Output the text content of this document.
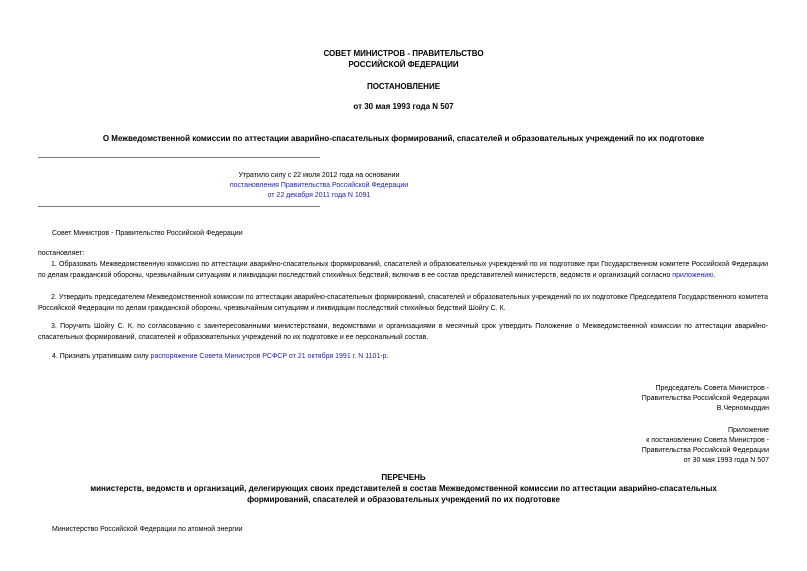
СОВЕТ МИНИСТРОВ - ПРАВИТЕЛЬСТВО
РОССИЙСКОЙ ФЕДЕРАЦИИ
ПОСТАНОВЛЕНИЕ
от 30 мая 1993 года N 507
О Межведомственной комиссии по аттестации аварийно-спасательных формирований, спасателей и образовательных учреждений по их подготовке
Утратило силу с 22 июля 2012 года на основании
постановления Правительства Российской Федерации
от 22 декабря 2011 года N 1091
Совет Министров - Правительство Российской Федерации
постановляет:
1. Образовать Межведомственную комиссию по аттестации аварийно-спасательных формирований, спасателей и образовательных учреждений по их подготовке при Государственном комитете Российской Федерации по делам гражданской обороны, чрезвычайным ситуациям и ликвидации последствий стихийных бедствий, включив в ее состав представителей министерств, ведомств и организаций согласно приложению.
2. Утвердить председателем Межведомственной комиссии по аттестации аварийно-спасательных формирований, спасателей и образовательных учреждений по их подготовке Председателя Государственного комитета Российской Федерации по делам гражданской обороны, чрезвычайным ситуациям и ликвидации последствий стихийных бедствий Шойгу С. К.
3. Поручить Шойгу С. К. по согласованию с заинтересованными министерствами, ведомствами и организациями в месячный срок утвердить Положение о Межведомственной комиссии по аттестации аварийно-спасательных формирований, спасателей и образовательных учреждений по их подготовке и ее персональный состав.
4. Признать утратившим силу распоряжение Совета Министров РСФСР от 21 октября 1991 г. N 1101-р.
Председатель Совета Министров -
Правительства Российской Федерации
В.Черномырдин
Приложение
к постановлению Совета Министров -
Правительства Российской Федерации
от 30 мая 1993 года N 507
ПЕРЕЧЕНЬ
министерств, ведомств и организаций, делегирующих своих представителей в состав Межведомственной комиссии по аттестации аварийно-спасательных
формирований, спасателей и образовательных учреждений по их подготовке
Министерство Российской Федерации по атомной энергии
